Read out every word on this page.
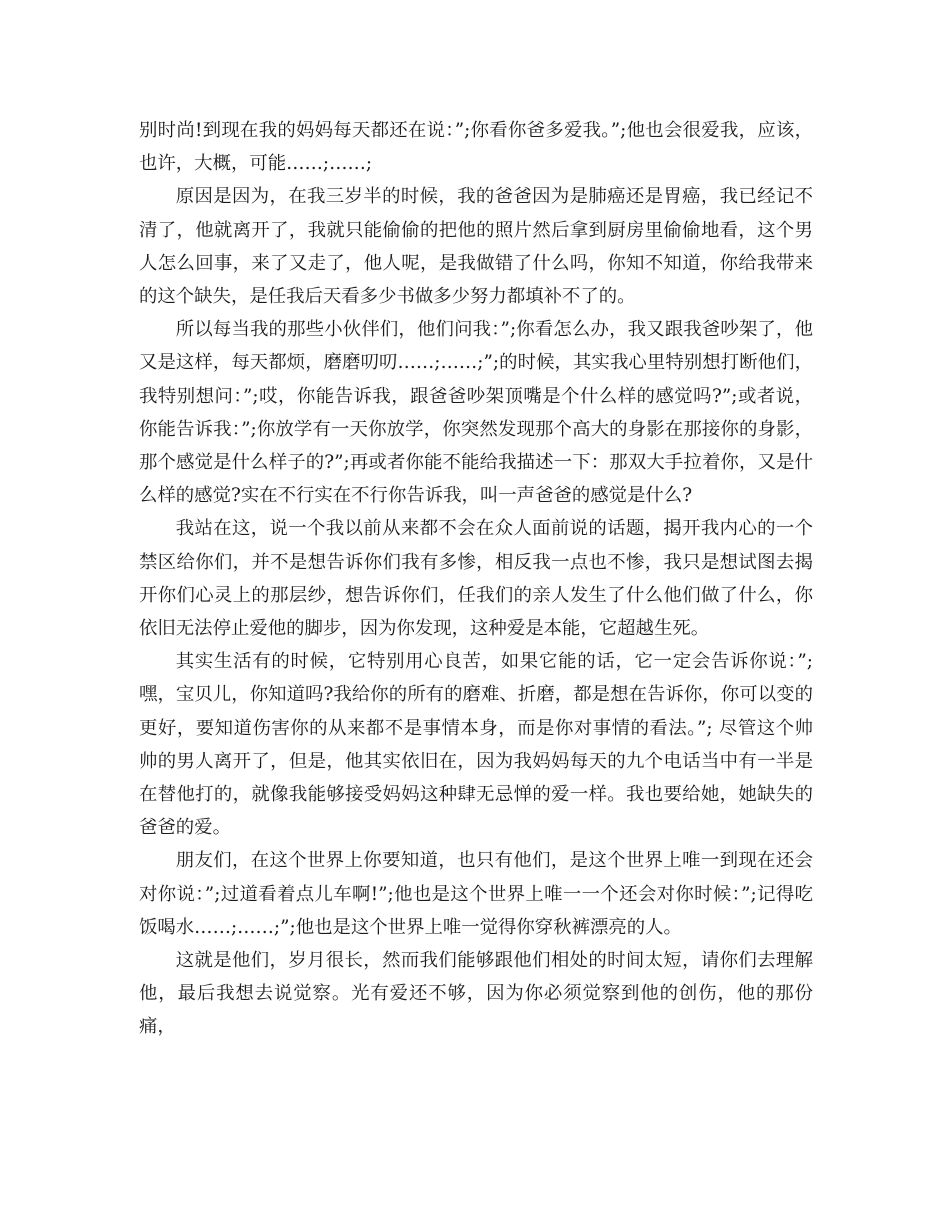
别时尚!到现在我的妈妈每天都还在说：”;你看你爸多爱我。”;他也会很爱我，应该，也许，大概，可能……;……;

原因是因为，在我三岁半的时候，我的爸爸因为是肺癌还是胃癌，我已经记不清了，他就离开了，我就只能偷偷的把他的照片然后拿到厨房里偷偷地看，这个男人怎么回事，来了又走了，他人呢，是我做错了什么吗，你知不知道，你给我带来的这个缺失，是任我后天看多少书做多少努力都填补不了的。

所以每当我的那些小伙伴们，他们问我：”;你看怎么办，我又跟我爸吵架了，他又是这样，每天都烦，磨磨叨叨……;……;”;的时候，其实我心里特别想打断他们，我特别想问：”;哎，你能告诉我，跟爸爸吵架顶嘴是个什么样的感觉吗?”;或者说，你能告诉我：”;你放学有一天你放学，你突然发现那个高大的身影在那接你的身影，那个感觉是什么样子的?”;再或者你能不能给我描述一下：那双大手拉着你，又是什么样的感觉?实在不行实在不行你告诉我，叫一声爸爸的感觉是什么?

我站在这，说一个我以前从来都不会在众人面前说的话题，揭开我内心的一个禁区给你们，并不是想告诉你们我有多惨，相反我一点也不惨，我只是想试图去揭开你们心灵上的那层纱，想告诉你们，任我们的亲人发生了什么他们做了什么，你依旧无法停止爱他的脚步，因为你发现，这种爱是本能，它超越生死。

其实生活有的时候，它特别用心良苦，如果它能的话，它一定会告诉你说：”;嘿，宝贝儿，你知道吗?我给你的所有的磨难、折磨，都是想在告诉你，你可以变的更好，要知道伤害你的从来都不是事情本身，而是你对事情的看法。”; 尽管这个帅帅的男人离开了，但是，他其实依旧在，因为我妈妈每天的九个电话当中有一半是在替他打的，就像我能够接受妈妈这种肆无忌惮的爱一样。我也要给她，她缺失的爸爸的爱。

朋友们，在这个世界上你要知道，也只有他们，是这个世界上唯一到现在还会对你说：”;过道看着点儿车啊!”;他也是这个世界上唯一一个还会对你时候：”;记得吃饭喝水……;……;”;他也是这个世界上唯一觉得你穿秋裤漂亮的人。

这就是他们，岁月很长，然而我们能够跟他们相处的时间太短，请你们去理解他，最后我想去说觉察。光有爱还不够，因为你必须觉察到他的创伤，他的那份痛，
